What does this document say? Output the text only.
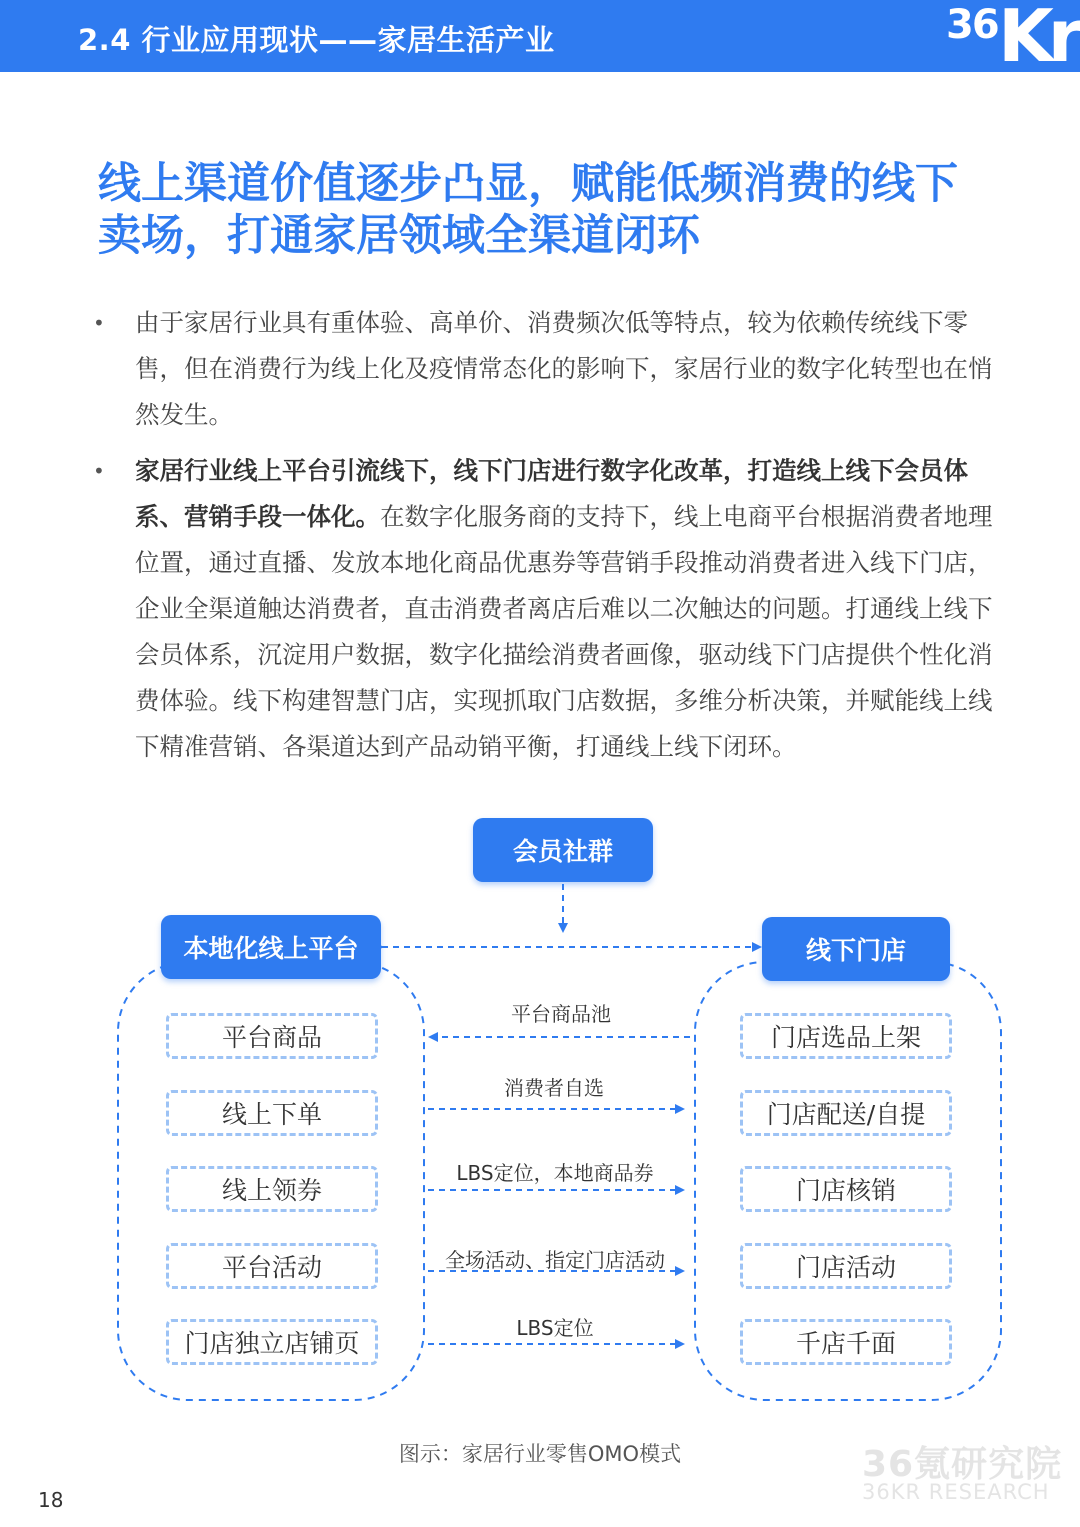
2.4 行业应用现状——家居生活产业	36 Kr
线上渠道价值逐步凸显，赋能低频消费的线下
卖场，打通家居领域全渠道闭环
• 由于家居行业具有重体验、高单价、消费频次低等特点，较为依赖传统线下零售，但在消费行为线上化及疫情常态化的影响下，家居行业的数字化转型也在悄然发生。
• 家居行业线上平台引流线下，线下门店进行数字化改革，打造线上线下会员体系、营销手段一体化。在数字化服务商的支持下，线上电商平台根据消费者地理位置，通过直播、发放本地化商品优惠券等营销手段推动消费者进入线下门店，企业全渠道触达消费者，直击消费者离店后难以二次触达的问题。打通线上线下会员体系，沉淀用户数据，数字化描绘消费者画像，驱动线下门店提供个性化消费体验。线下构建智慧门店，实现抓取门店数据，多维分析决策，并赋能线上线下精准营销、各渠道达到产品动销平衡，打通线上线下闭环。
会员社群
本地化线上平台	线下门店
平台商品
线上下单
线上领券
平台活动
门店独立店铺页
门店选品上架
门店配送/自提
门店核销
门店活动
千店千面
平台商品池
消费者自选
LBS定位，本地商品券
全场活动、指定门店活动
LBS定位
图示：家居行业零售OMO模式	36氪研究院
36KR RESEARCH
18
